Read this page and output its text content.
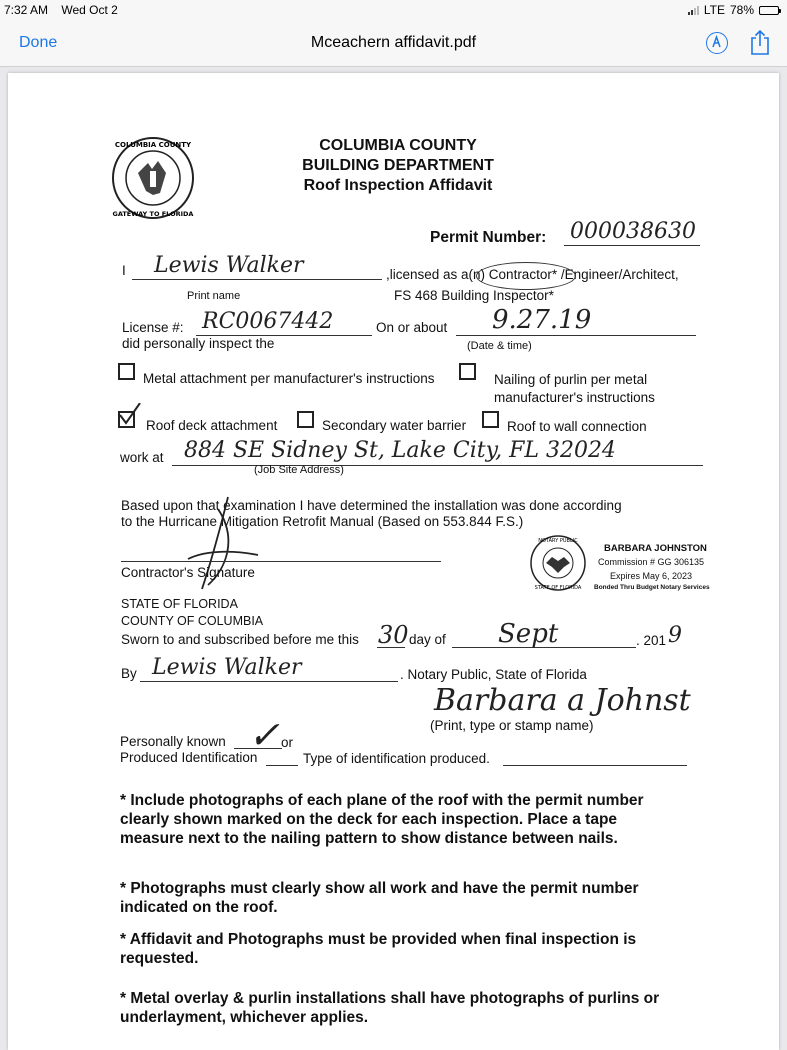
7:32 AM Wed Oct 2	LTE 78%
Done	Mceachern affidavit.pdf
COLUMBIA COUNTY
GATEWAY TO FLORIDA
COLUMBIA COUNTY
BUILDING DEPARTMENT
Roof Inspection Affidavit
Permit Number: 000038630
I Lewis Walker	,licensed as a(n) Contractor* /Engineer/Architect,
Print name	FS 468 Building Inspector*
License #: RC0067442	On or about 9.27.19
did personally inspect the	(Date & time)
Metal attachment per manufacturer's instructions	Nailing of purlin per metal
manufacturer's instructions
Roof deck attachment	Secondary water barrier	Roof to wall connection
work at 884 SE Sidney St, Lake City, FL 32024
(Job Site Address)
Based upon that examination I have determined the installation was done according
to the Hurricane Mitigation Retrofit Manual (Based on 553.844 F.S.)
Contractor's Signature
NOTARY PUBLIC
STATE OF FLORIDA
BARBARA JOHNSTON
Commission # GG 306135
Expires May 6, 2023
Bonded Thru Budget Notary Services
STATE OF FLORIDA
COUNTY OF COLUMBIA
Sworn to and subscribed before me this 30 day of Sept	. 201 9
By Lewis Walker	. Notary Public, State of Florida
Barbara a Johnst
(Print, type or stamp name)
Personally known ✓ or
Produced Identification	Type of identification produced.
* Include photographs of each plane of the roof with the permit number clearly shown marked on the deck for each inspection. Place a tape measure next to the nailing pattern to show distance between nails.
* Photographs must clearly show all work and have the permit number indicated on the roof.
* Affidavit and Photographs must be provided when final inspection is requested.
* Metal overlay & purlin installations shall have photographs of purlins or underlayment, whichever applies.
